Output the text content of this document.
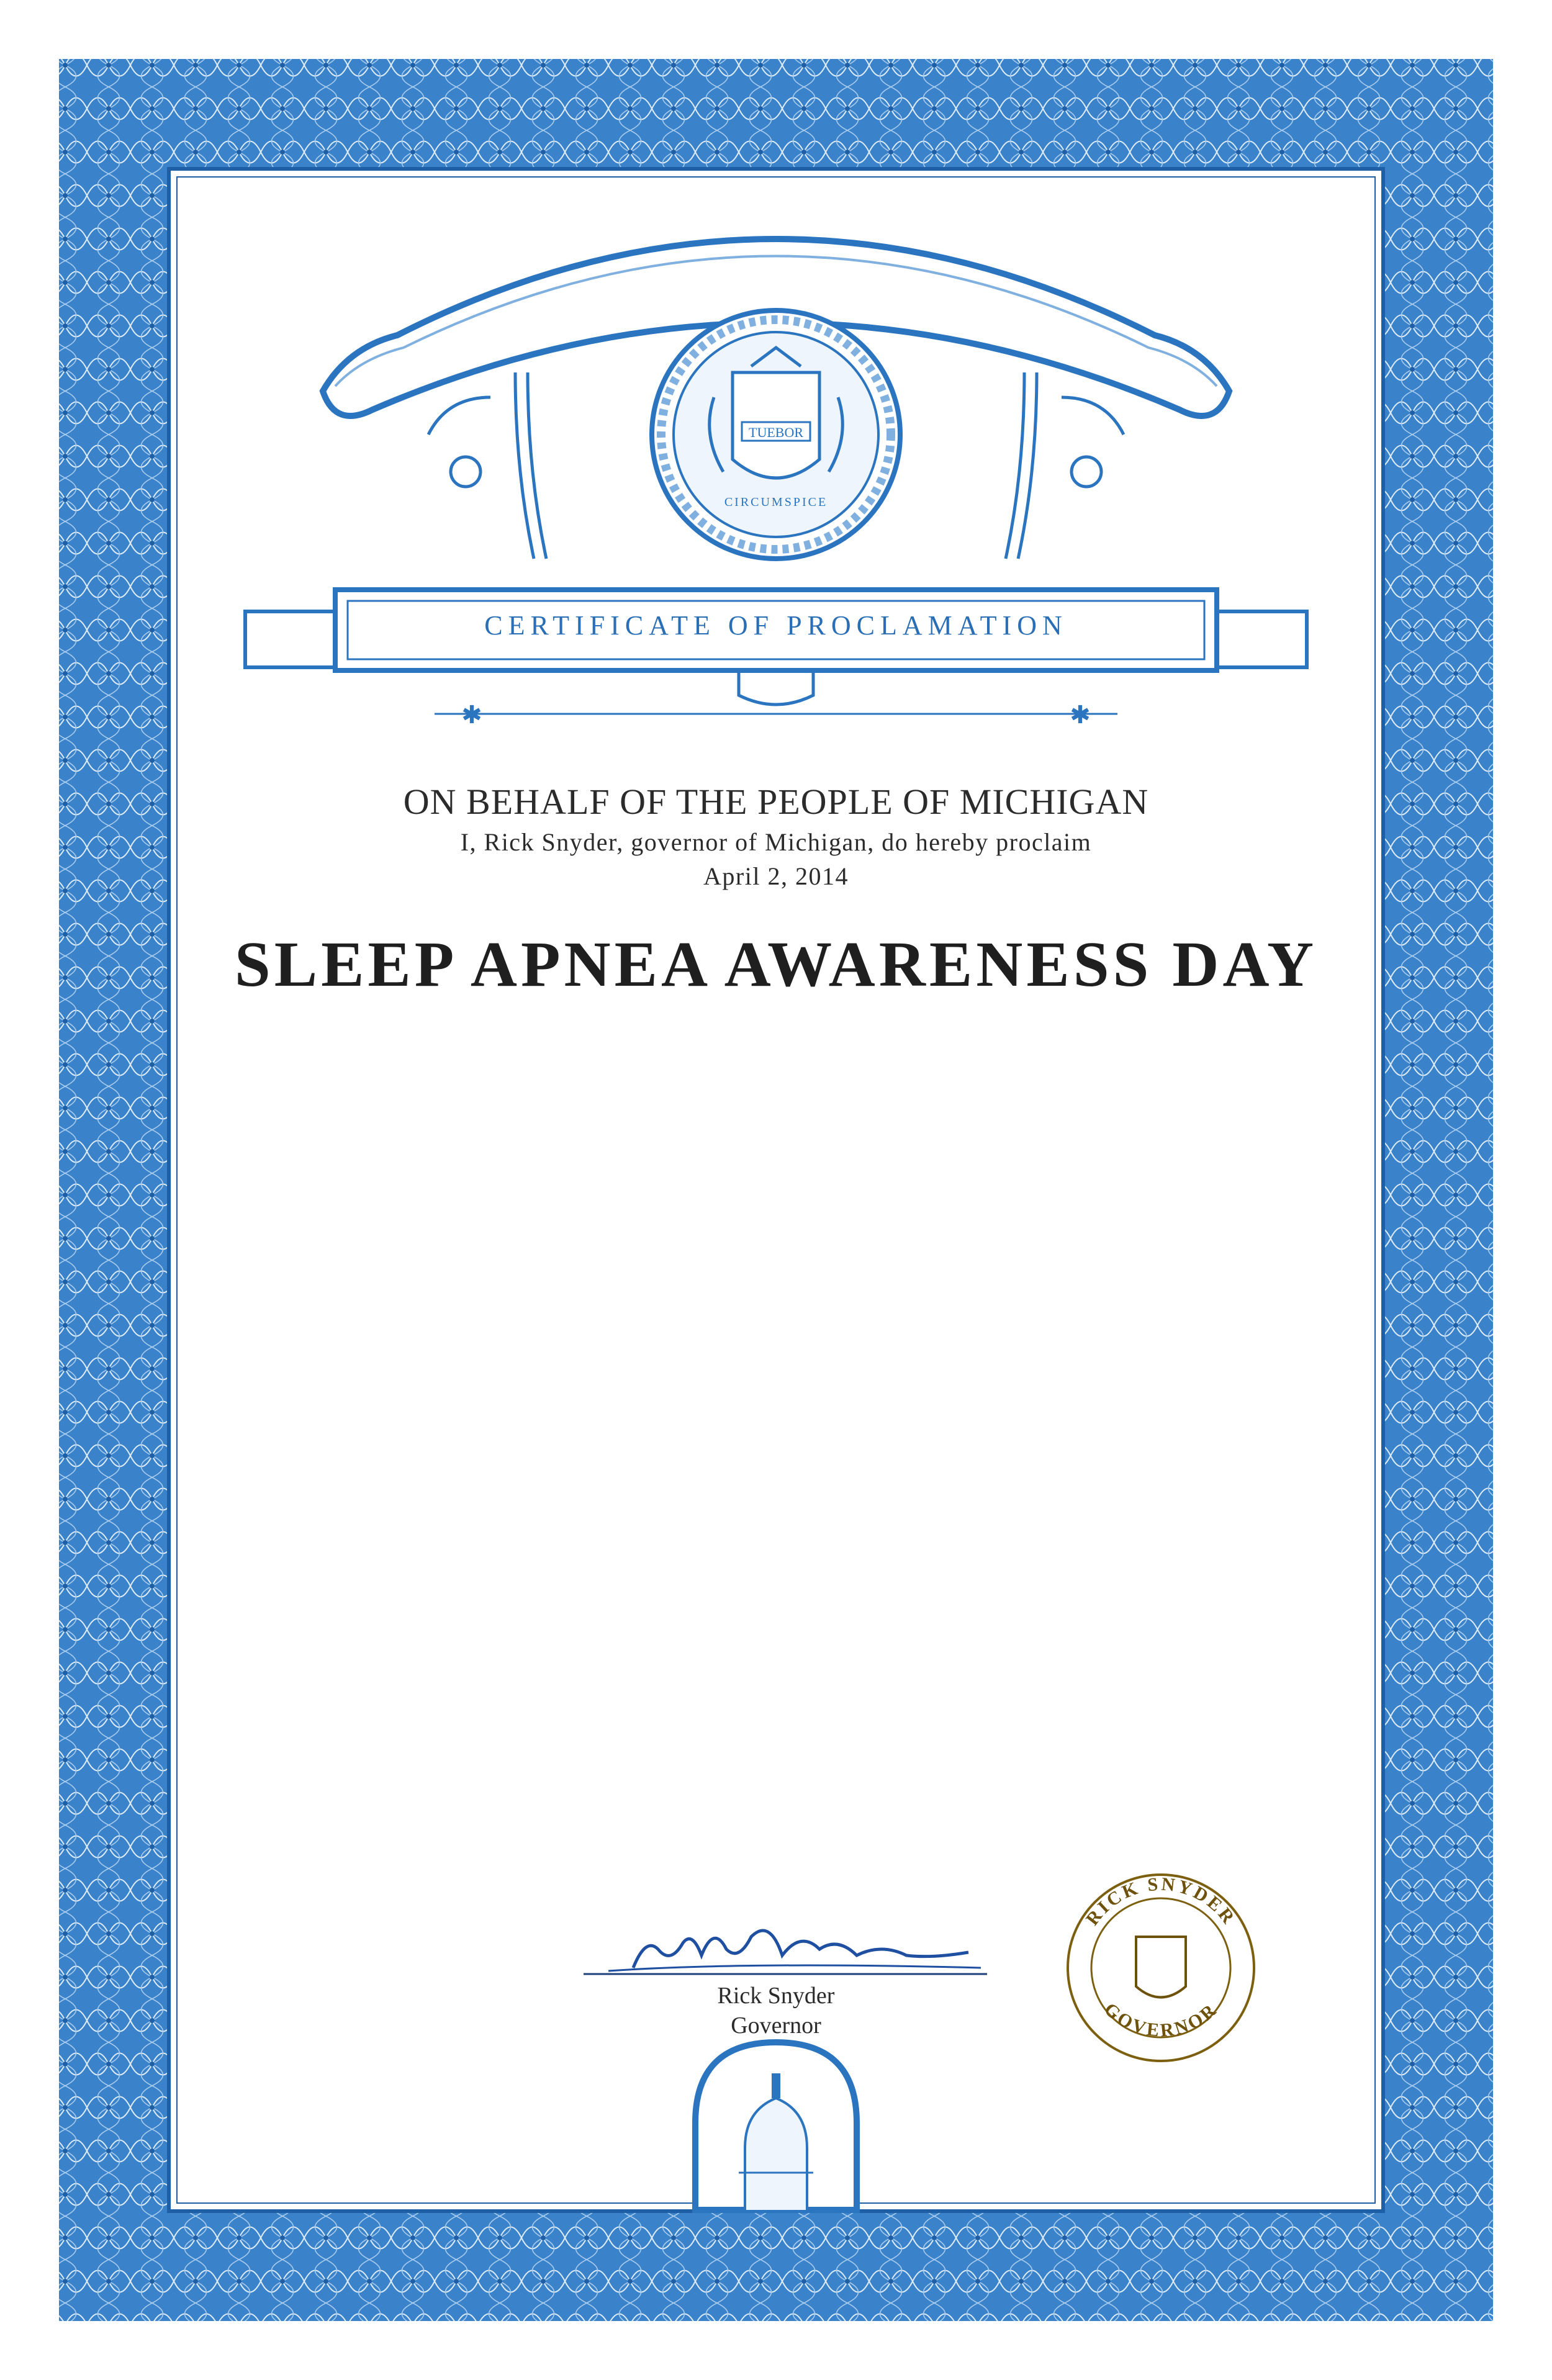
TUEBOR
CIRCUMSPICE
✱	✱
RICK SNYDER
GOVERNOR
CERTIFICATE OF PROCLAMATION
ON BEHALF OF THE PEOPLE OF MICHIGAN
I, Rick Snyder, governor of Michigan, do hereby proclaim
April 2, 2014
SLEEP APNEA AWARENESS DAY
Rick Snyder
Governor
